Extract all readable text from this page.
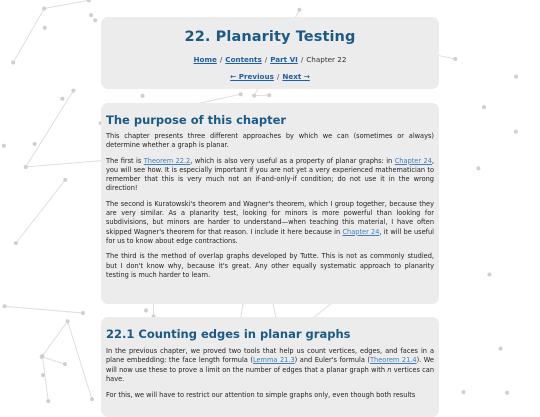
22. Planarity Testing
Home / Contents / Part VI / Chapter 22
← Previous / Next →
The purpose of this chapter

This chapter presents three different approaches by which we can (sometimes or always) determine whether a graph is planar.

The first is Theorem 22.2, which is also very useful as a property of planar graphs: in Chapter 24, you will see how. It is especially important if you are not yet a very experienced mathematician to remember that this is very much not an if-and-only-if condition; do not use it in the wrong direction!

The second is Kuratowski's theorem and Wagner's theorem, which I group together, because they are very similar. As a planarity test, looking for minors is more powerful than looking for subdivisions, but minors are harder to understand—when teaching this material, I have often skipped Wagner's theorem for that reason. I include it here because in Chapter 24, it will be useful for us to know about edge contractions.

The third is the method of overlap graphs developed by Tutte. This is not as commonly studied, but I don't know why, because it's great. Any other equally systematic approach to planarity testing is much harder to learn.

22.1 Counting edges in planar graphs

In the previous chapter, we proved two tools that help us count vertices, edges, and faces in a plane embedding: the face length formula (Lemma 21.3) and Euler's formula (Theorem 21.4). We will now use these to prove a limit on the number of edges that a planar graph with n vertices can have.

For this, we will have to restrict our attention to simple graphs only, even though both results
